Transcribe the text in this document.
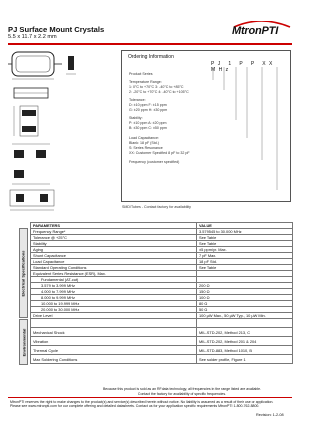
PJ Surface Mount Crystals
5.5 x 11.7 x 2.2 mm	MtronPTI
Ordering Information
PJ 1 P P XX MHz
Product Series
Temperature Range:
1: 0°C to +70°C 3: -40°C to +85°C
2: -20°C to +70°C 4: -40°C to +105°C
Tolerance:
D: ±10 ppm F: ±15 ppm
G: ±20 ppm H: ±30 ppm
Stability:
P: ±10 ppm A: ±20 ppm
B: ±30 ppm C: ±50 ppm
Load Capacitance:
Blank: 18 pF (Std.)
S: Series Resonance
XX: Customer Specified 8 pF to 32 pF
Frequency (customer specified)
SMD/Tubes - Contact factory for availability
PARAMETERS	VALUE
Frequency Range*	3.579545 to 30.000 MHz
Tolerance @ +25°C	See Table
Stability	See Table
Aging	±5 ppm/yr. Max.
Shunt Capacitance	7 pF Max.
Load Capacitance	18 pF Std.
Standard Operating Conditions	See Table
Equivalent Series Resistance (ESR), Max.	
Fundamental (AT-cut)	
3.579 to 3.999 MHz	200 Ω
4.000 to 7.999 MHz	150 Ω
8.000 to 9.999 MHz	100 Ω
10.000 to 19.999 MHz	80 Ω
20.000 to 30.000 MHz	50 Ω
Drive Level	100 μW Max., 50 μW Typ., 10 μW Min.

Mechanical Shock	MIL-STD-202, Method 213, C
Vibration	MIL-STD-202, Method 201 & 204
Thermal Cycle	MIL-STD-883, Method 1010, B
Max Soldering Conditions	See solder profile, Figure 1
Electrical Specifications
Environmental
Because this product is sold as an RFdata technology, all frequencies in the range listed are available.
Contact the factory for availability of specific frequencies.
MtronPTI reserves the right to make changes to the product(s) and service(s) described herein without notice. No liability is assumed as a result of their use or application.
Please see www.mtronpti.com for our complete offering and detailed datasheets. Contact us for your application specific requirements MtronPTI 1-800-762-8800.
Revision: 1-2-08
